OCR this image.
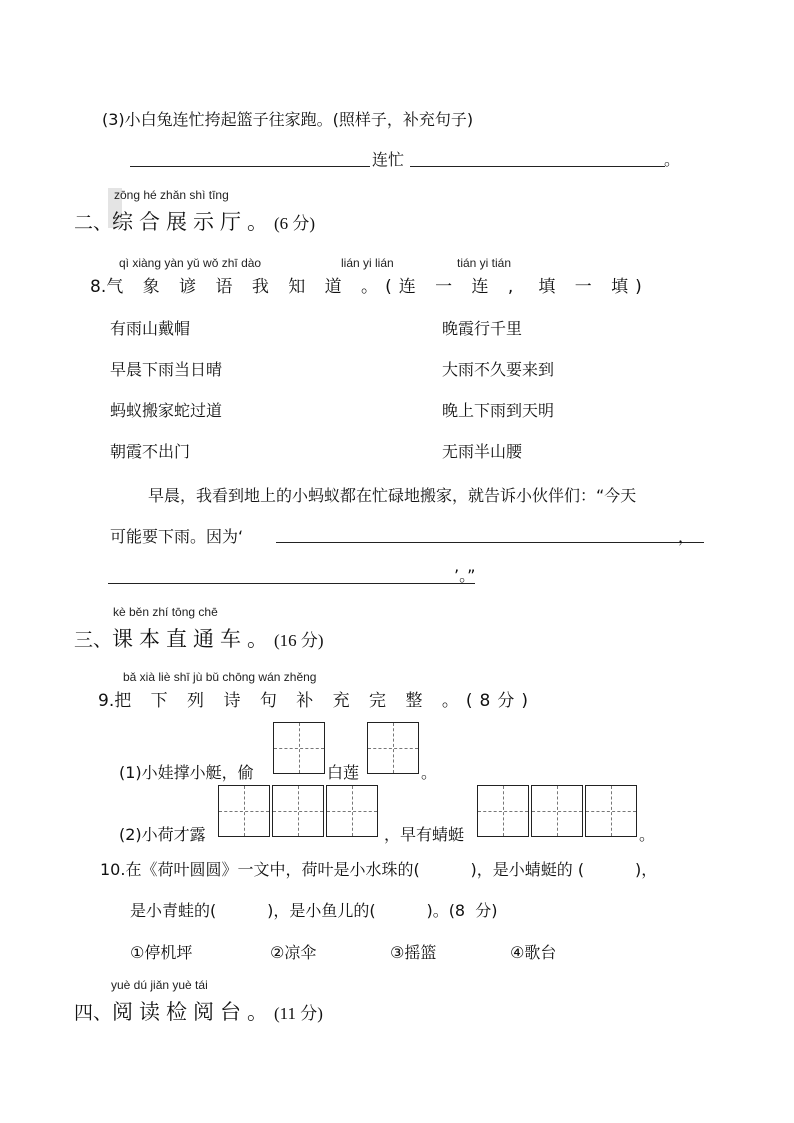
(3)小白兔连忙挎起篮子往家跑。(照样子，补充句子)
连忙	。
zōng hé zhǎn shì tīng
二、综合展示厅。(6 分)
qì xiàng yàn yǔ wǒ zhī dào	lián yi lián	tián yi tián
8.气 象 谚 语 我 知 道 。(连 一 连 , 填 一 填)
有雨山戴帽
早晨下雨当日晴
蚂蚁搬家蛇过道
朝霞不出门
晚霞行千里
大雨不久要来到
晚上下雨到天明
无雨半山腰
早晨，我看到地上的小蚂蚁都在忙碌地搬家，就告诉小伙伴们：“今天
可能要下雨。因为‘	，
’。”
kè běn zhí tōng chē
三、课本直通车。(16 分)
bǎ xià liè shī jù bǔ chōng wán zhěng
9.把 下 列 诗 句 补 充 完 整 。(8分)
(1)小娃撑小艇，偷	白莲	。
(2)小荷才露	，早有蜻蜓	。
10.在《荷叶圆圆》一文中，荷叶是小水珠的(          )，是小蜻蜓的 (          )，
是小青蛙的(          )，是小鱼儿的(          )。(8  分)
①停机坪	②凉伞	③摇篮	④歌台
yuè dú jiǎn yuè tái
四、阅读检阅台。(11 分)
